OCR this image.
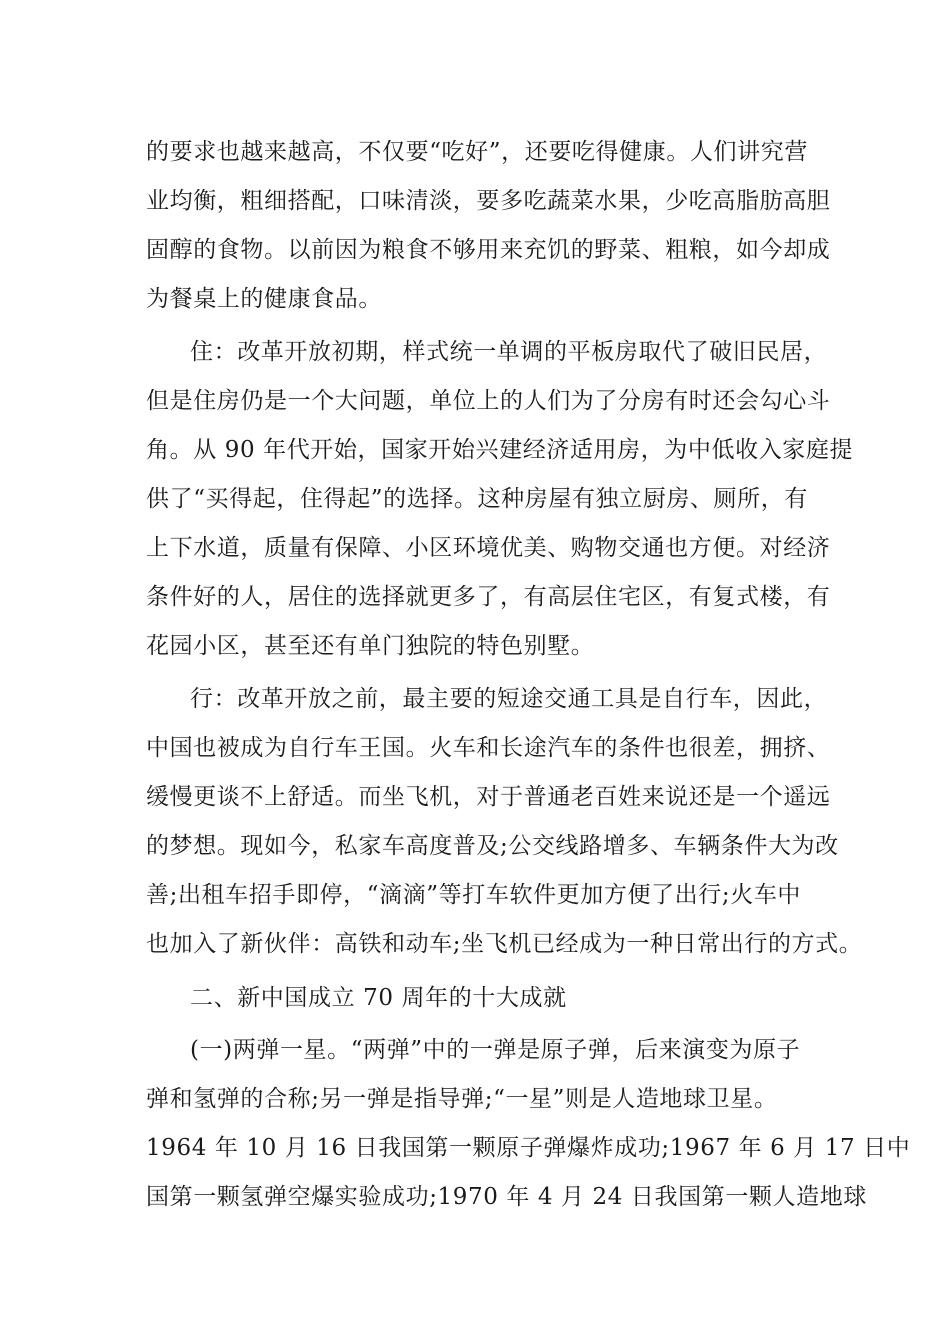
的要求也越来越高，不仅要“吃好”，还要吃得健康。人们讲究营
业均衡，粗细搭配，口味清淡，要多吃蔬菜水果，少吃高脂肪高胆
固醇的食物。以前因为粮食不够用来充饥的野菜、粗粮，如今却成
为餐桌上的健康食品。
住：改革开放初期，样式统一单调的平板房取代了破旧民居，
但是住房仍是一个大问题，单位上的人们为了分房有时还会勾心斗
角。从 90 年代开始，国家开始兴建经济适用房，为中低收入家庭提
供了“买得起，住得起”的选择。这种房屋有独立厨房、厕所，有
上下水道，质量有保障、小区环境优美、购物交通也方便。对经济
条件好的人，居住的选择就更多了，有高层住宅区，有复式楼，有
花园小区，甚至还有单门独院的特色别墅。
行：改革开放之前，最主要的短途交通工具是自行车，因此，
中国也被成为自行车王国。火车和长途汽车的条件也很差，拥挤、
缓慢更谈不上舒适。而坐飞机，对于普通老百姓来说还是一个遥远
的梦想。现如今，私家车高度普及;公交线路增多、车辆条件大为改
善;出租车招手即停，“滴滴”等打车软件更加方便了出行;火车中
也加入了新伙伴：高铁和动车;坐飞机已经成为一种日常出行的方式。
二、新中国成立 70 周年的十大成就
(一)两弹一星。“两弹”中的一弹是原子弹，后来演变为原子
弹和氢弹的合称;另一弹是指导弹;“一星”则是人造地球卫星。
1964 年 10 月 16 日我国第一颗原子弹爆炸成功;1967 年 6 月 17 日中
国第一颗氢弹空爆实验成功;1970 年 4 月 24 日我国第一颗人造地球
